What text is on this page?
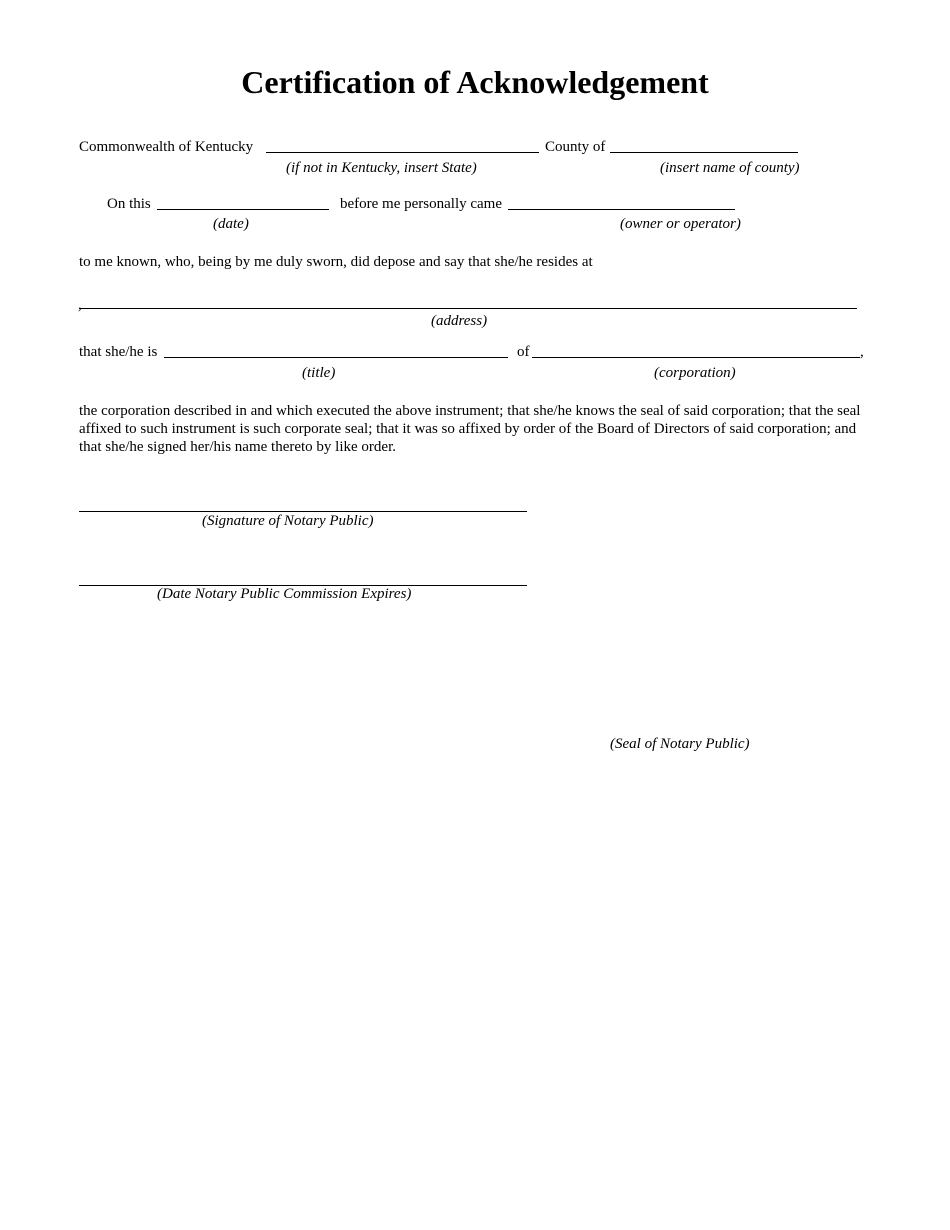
Certification of Acknowledgement
Commonwealth of Kentucky	County of
(if not in Kentucky, insert State)	(insert name of county)
On this	before me personally came
(date)	(owner or operator)
to me known, who, being by me duly sworn, did depose and say that she/he resides at
,
(address)
that she/he is	of	,
(title)	(corporation)
the corporation described in and which executed the above instrument; that she/he knows the seal of said corporation; that the seal affixed to such instrument is such corporate seal; that it was so affixed by order of the Board of Directors of said corporation; and that she/he signed her/his name thereto by like order.
(Signature of Notary Public)
(Date Notary Public Commission Expires)
(Seal of Notary Public)
